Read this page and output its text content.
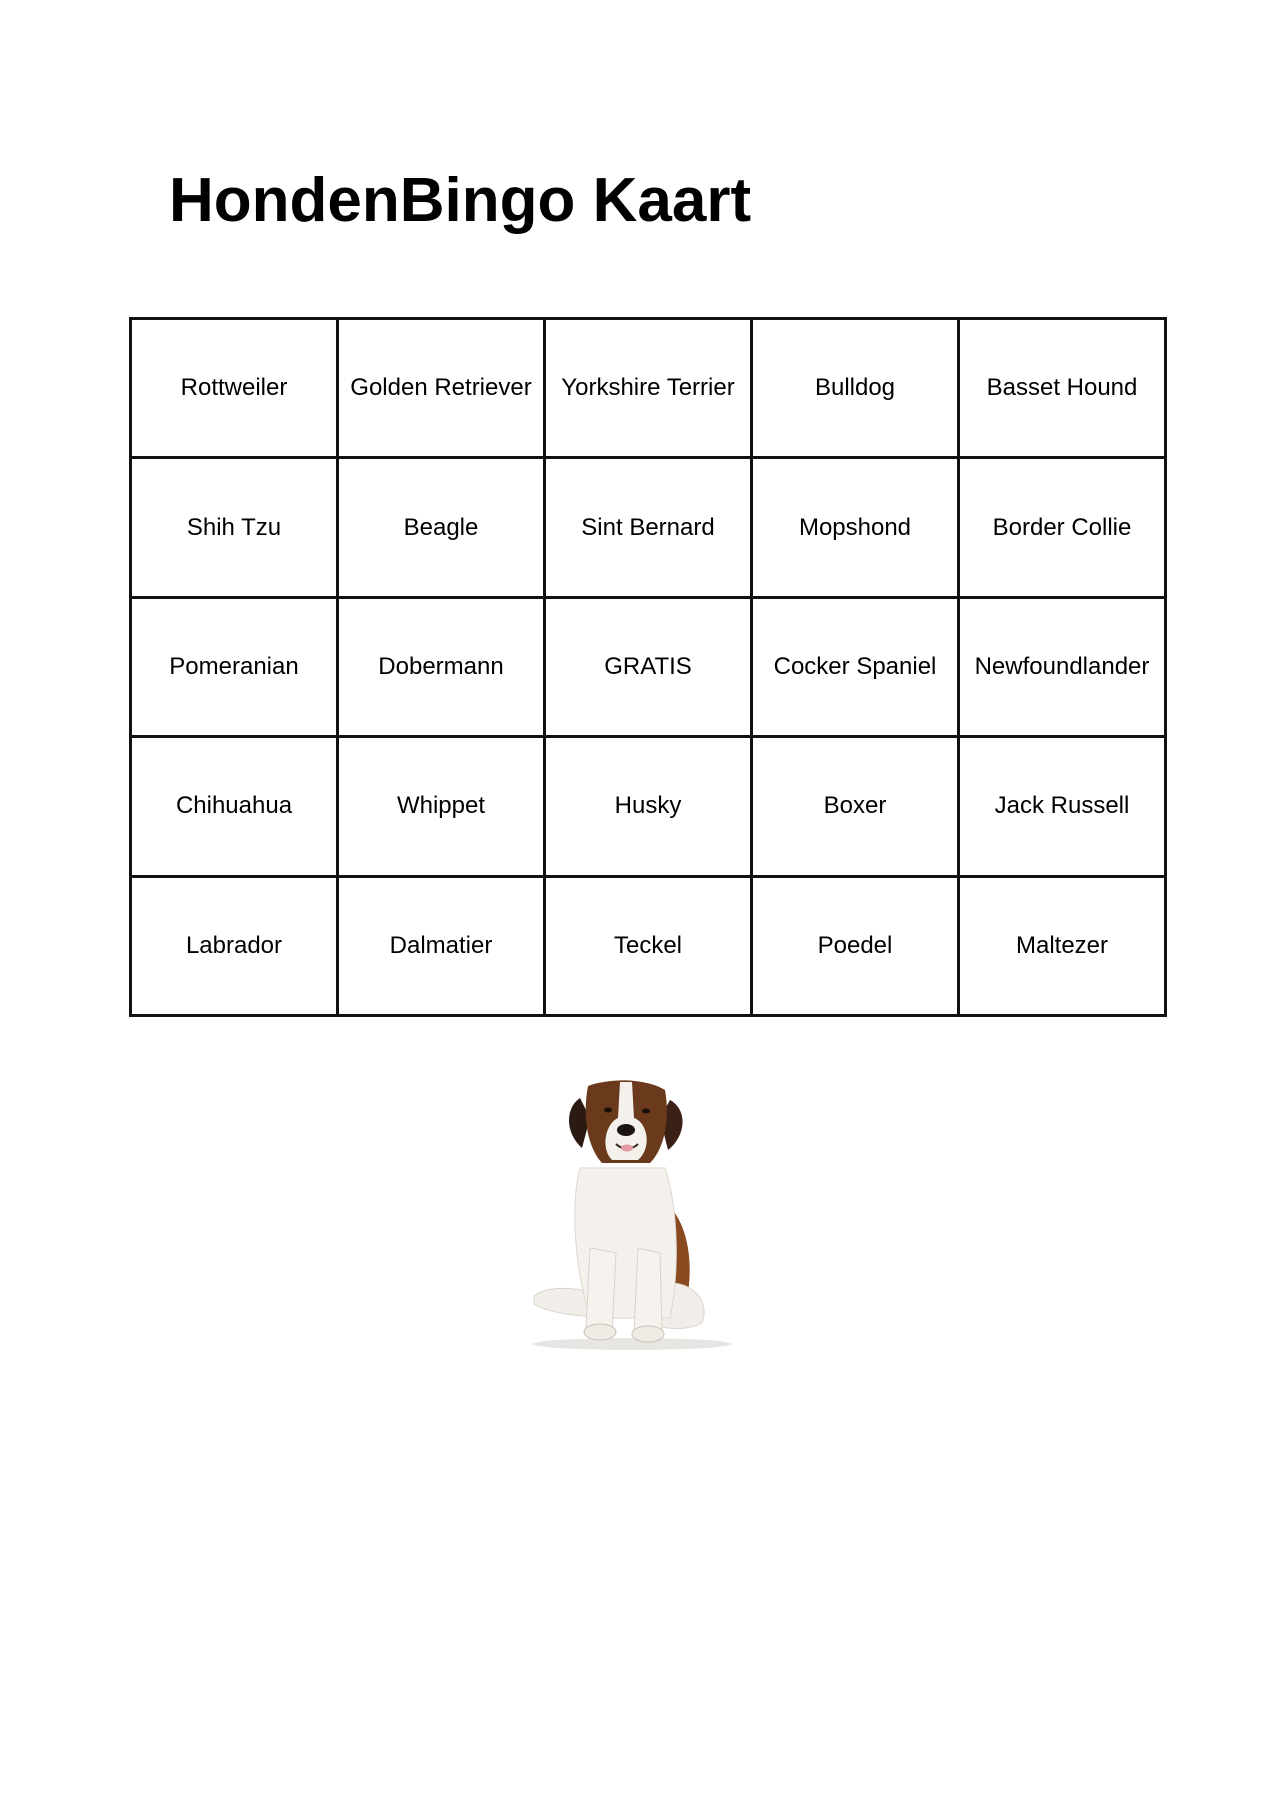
HondenBingo Kaart
Rottweiler	Golden Retriever	Yorkshire Terrier	Bulldog	Basset Hound
Shih Tzu	Beagle	Sint Bernard	Mopshond	Border Collie
Pomeranian	Dobermann	GRATIS	Cocker Spaniel	Newfoundlander
Chihuahua	Whippet	Husky	Boxer	Jack Russell
Labrador	Dalmatier	Teckel	Poedel	Maltezer
